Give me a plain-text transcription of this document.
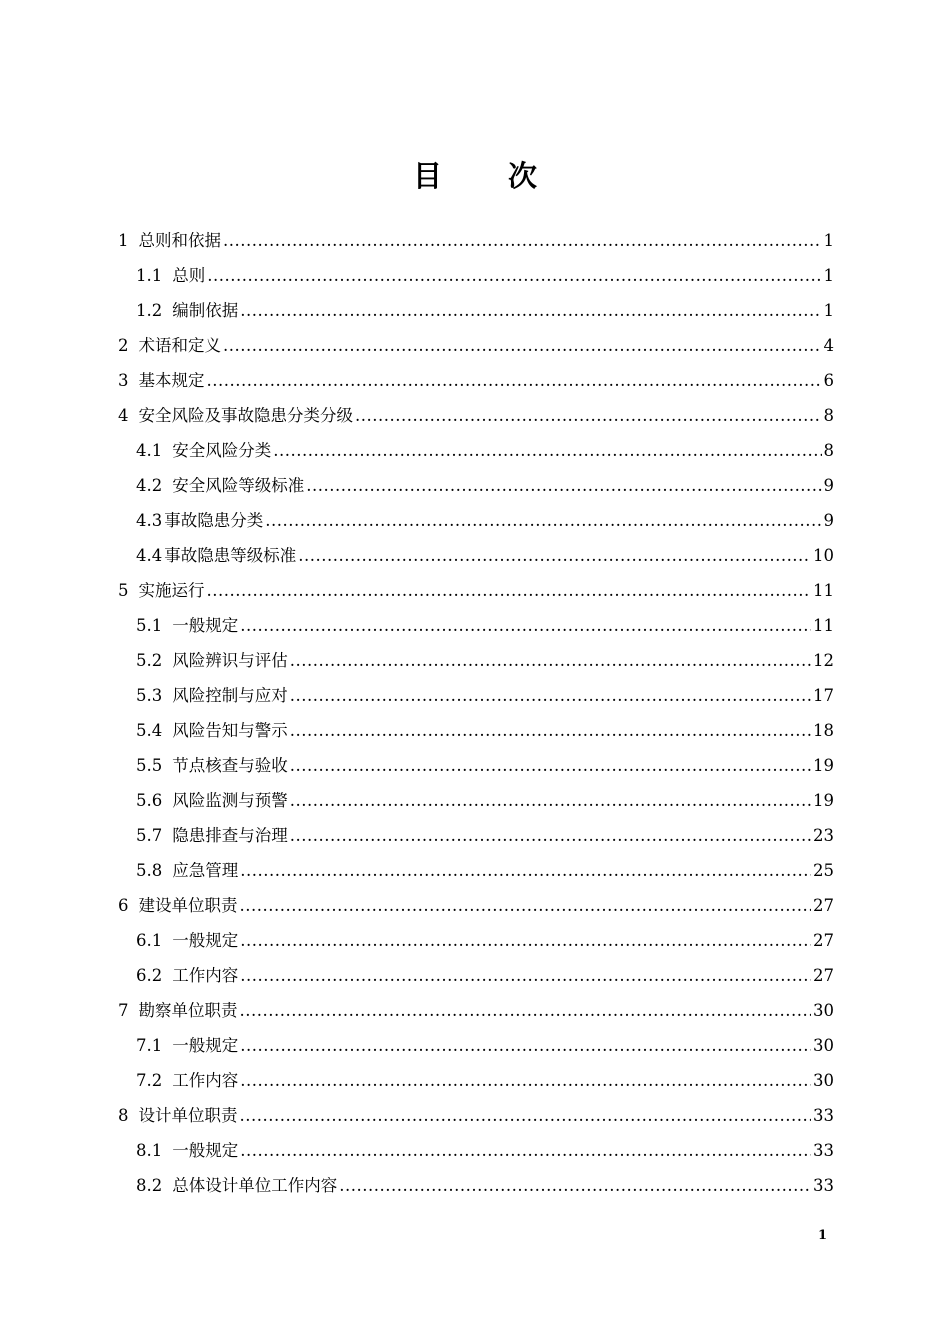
目 次
1 总则和依据 .....	1
1.1 总则 .....	1
1.2 编制依据 .....	1
2 术语和定义 .....	4
3 基本规定 .....	6
4 安全风险及事故隐患分类分级 .....	8
4.1 安全风险分类 .....	8
4.2 安全风险等级标准 .....	9
4.3 事故隐患分类 .....	9
4.4 事故隐患等级标准 .....	10
5 实施运行 .....	11
5.1 一般规定 .....	11
5.2 风险辨识与评估 .....	12
5.3 风险控制与应对 .....	17
5.4 风险告知与警示 .....	18
5.5 节点核查与验收 .....	19
5.6 风险监测与预警 .....	19
5.7 隐患排查与治理 .....	23
5.8 应急管理 .....	25
6 建设单位职责 .....	27
6.1 一般规定 .....	27
6.2 工作内容 .....	27
7 勘察单位职责 .....	30
7.1 一般规定 .....	30
7.2 工作内容 .....	30
8 设计单位职责 .....	33
8.1 一般规定 .....	33
8.2 总体设计单位工作内容 .....	33
1
